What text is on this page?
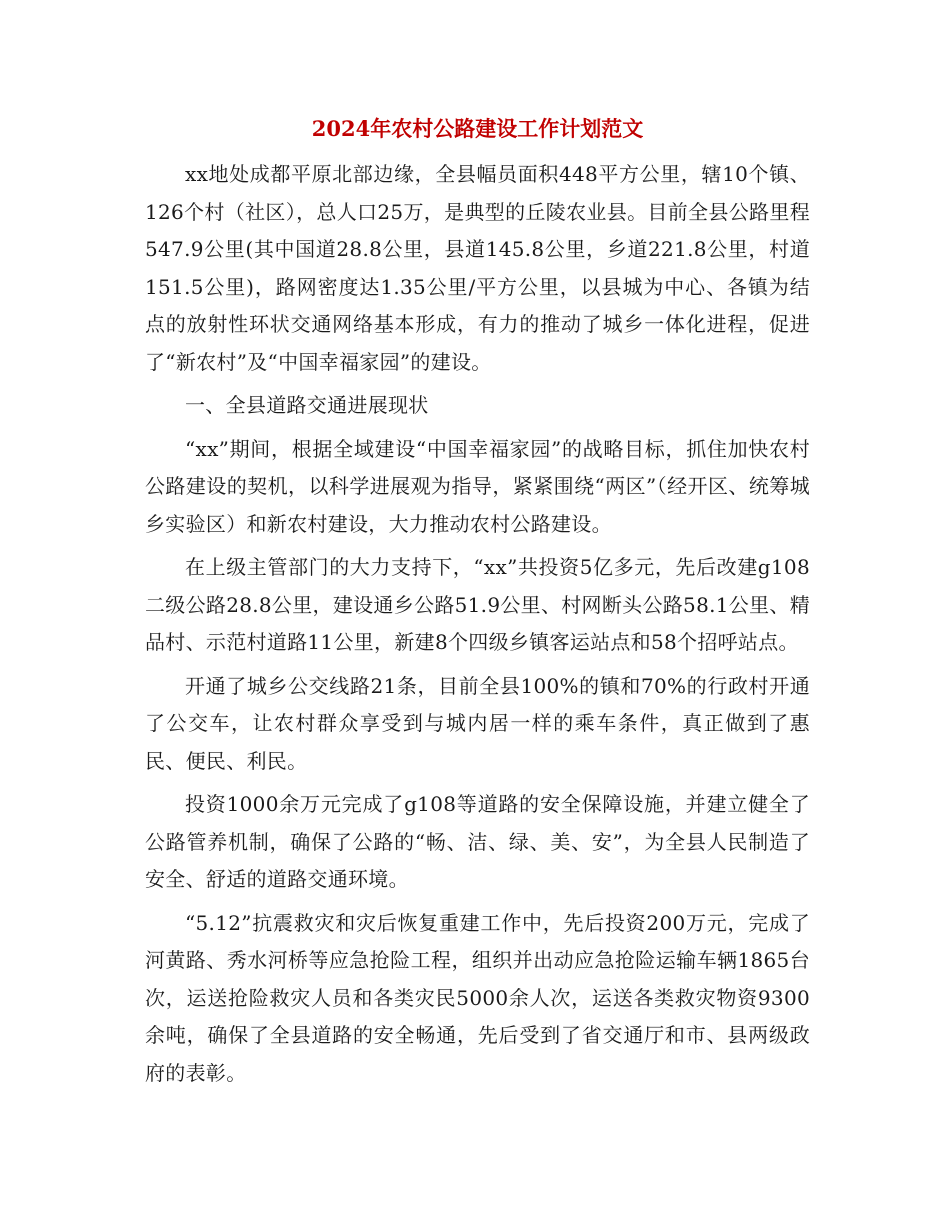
2024年农村公路建设工作计划范文

xx地处成都平原北部边缘，全县幅员面积448平方公里，辖10个镇、126个村（社区），总人口25万，是典型的丘陵农业县。目前全县公路里程547.9公里(其中国道28.8公里，县道145.8公里，乡道221.8公里，村道151.5公里)，路网密度达1.35公里/平方公里，以县城为中心、各镇为结点的放射性环状交通网络基本形成，有力的推动了城乡一体化进程，促进了“新农村”及“中国幸福家园”的建设。

一、全县道路交通进展现状

“xx”期间，根据全域建设“中国幸福家园”的战略目标，抓住加快农村公路建设的契机，以科学进展观为指导，紧紧围绕“两区”（经开区、统筹城乡实验区）和新农村建设，大力推动农村公路建设。

在上级主管部门的大力支持下，“xx”共投资5亿多元，先后改建g108二级公路28.8公里，建设通乡公路51.9公里、村网断头公路58.1公里、精品村、示范村道路11公里，新建8个四级乡镇客运站点和58个招呼站点。

开通了城乡公交线路21条，目前全县100%的镇和70%的行政村开通了公交车，让农村群众享受到与城内居一样的乘车条件，真正做到了惠民、便民、利民。

投资1000余万元完成了g108等道路的安全保障设施，并建立健全了公路管养机制，确保了公路的“畅、洁、绿、美、安”，为全县人民制造了安全、舒适的道路交通环境。

“5.12”抗震救灾和灾后恢复重建工作中，先后投资200万元，完成了河黄路、秀水河桥等应急抢险工程，组织并出动应急抢险运输车辆1865台次，运送抢险救灾人员和各类灾民5000余人次，运送各类救灾物资9300余吨，确保了全县道路的安全畅通，先后受到了省交通厅和市、县两级政府的表彰。
